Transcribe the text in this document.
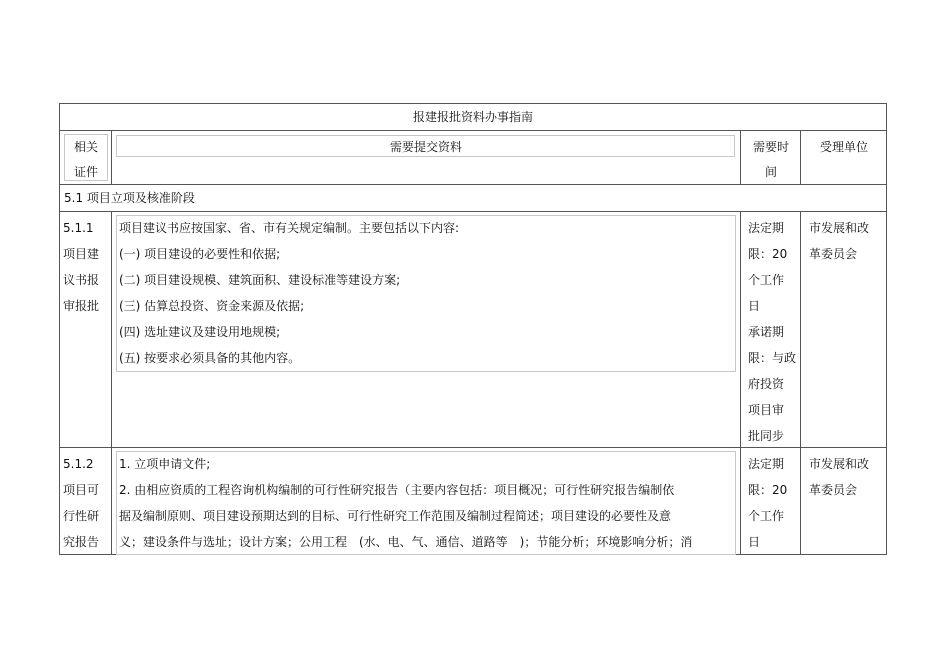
报建报批资料办事指南
相关
证件
需要提交资料	需要时
间
受理单位
5.1 项目立项及核准阶段
5.1.1
项目建
议书报
审报批
项目建议书应按国家、省、市有关规定编制。主要包括以下内容:
(一) 项目建设的必要性和依据;
(二) 项目建设规模、建筑面积、建设标准等建设方案;
(三) 估算总投资、资金来源及依据;
(四) 选址建议及建设用地规模;
(五) 按要求必须具备的其他内容。
法定期
限：20
个工作
日
承诺期
限：与政
府投资
项目审
批同步
市发展和改
革委员会
5.1.2
项目可
行性研
究报告
1. 立项申请文件;
2. 由相应资质的工程咨询机构编制的可行性研究报告（主要内容包括：项目概况；可行性研究报告编制依
据及编制原则、项目建设预期达到的目标、可行性研究工作范围及编制过程简述；项目建设的必要性及意
义；建设条件与选址；设计方案；公用工程　(水、电、气、通信、道路等　)；节能分析；环境影响分析；消
法定期
限：20
个工作
日
市发展和改
革委员会
